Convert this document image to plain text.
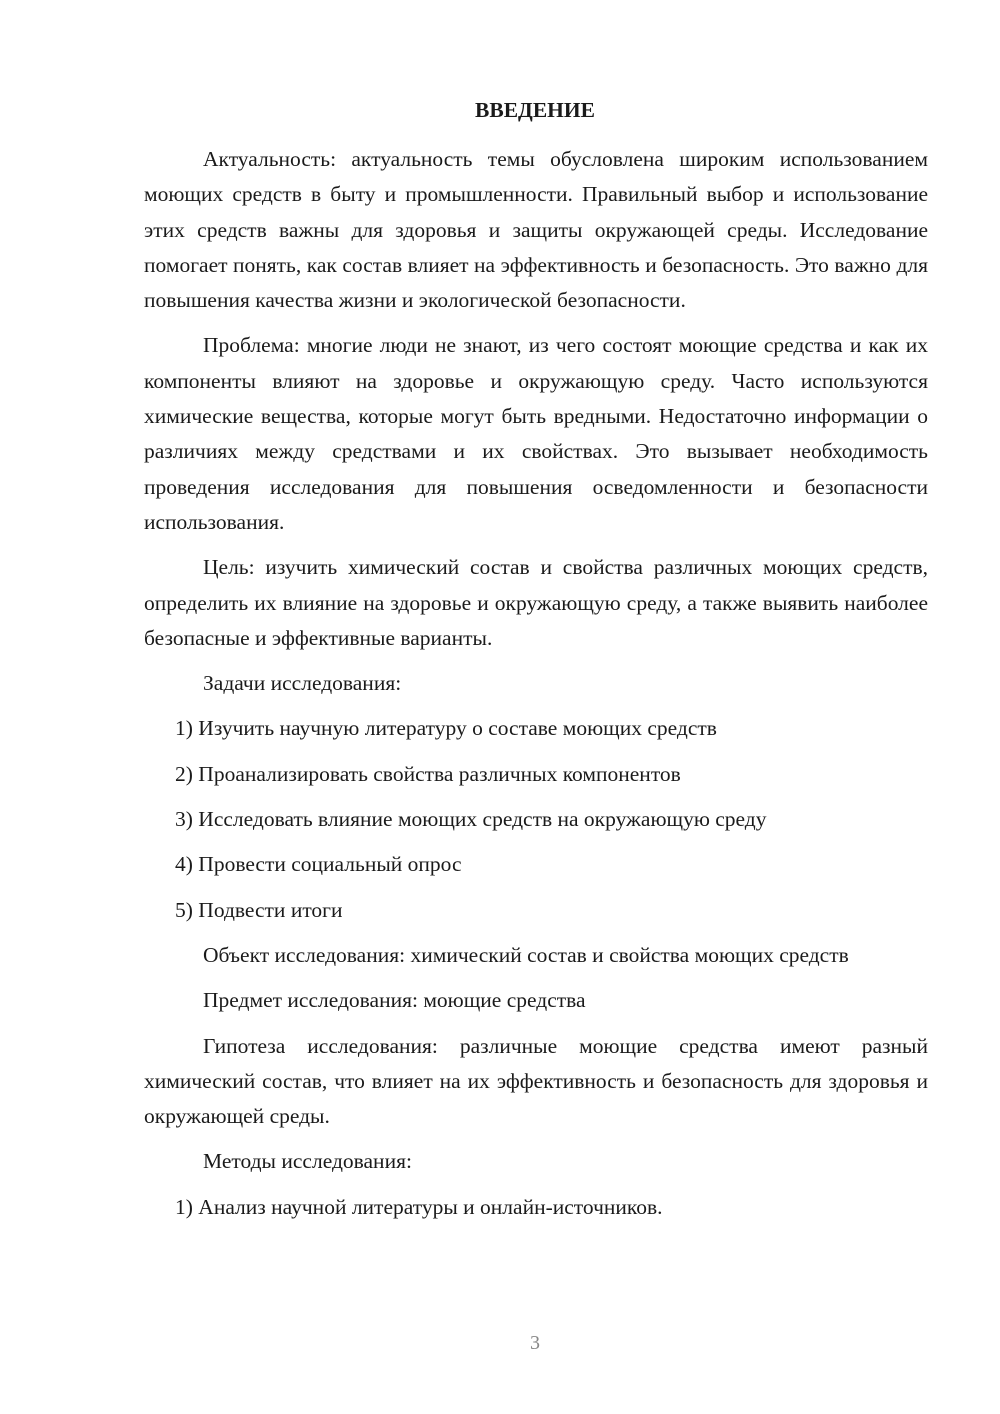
ВВЕДЕНИЕ

Актуальность: актуальность темы обусловлена широким использованием моющих средств в быту и промышленности. Правильный выбор и использование этих средств важны для здоровья и защиты окружающей среды. Исследование помогает понять, как состав влияет на эффективность и безопасность. Это важно для повышения качества жизни и экологической безопасности.

Проблема: многие люди не знают, из чего состоят моющие средства и как их компоненты влияют на здоровье и окружающую среду. Часто используются химические вещества, которые могут быть вредными. Недостаточно информации о различиях между средствами и их свойствах. Это вызывает необходимость проведения исследования для повышения осведомленности и безопасности использования.

Цель: изучить химический состав и свойства различных моющих средств, определить их влияние на здоровье и окружающую среду, а также выявить наиболее безопасные и эффективные варианты.

Задачи исследования:

1) Изучить научную литературу о составе моющих средств
2) Проанализировать свойства различных компонентов
3) Исследовать влияние моющих средств на окружающую среду
4) Провести социальный опрос
5) Подвести итоги

Объект исследования: химический состав и свойства моющих средств

Предмет исследования: моющие средства

Гипотеза исследования: различные моющие средства имеют разный химический состав, что влияет на их эффективность и безопасность для здоровья и окружающей среды.

Методы исследования:

1) Анализ научной литературы и онлайн-источников.
3
